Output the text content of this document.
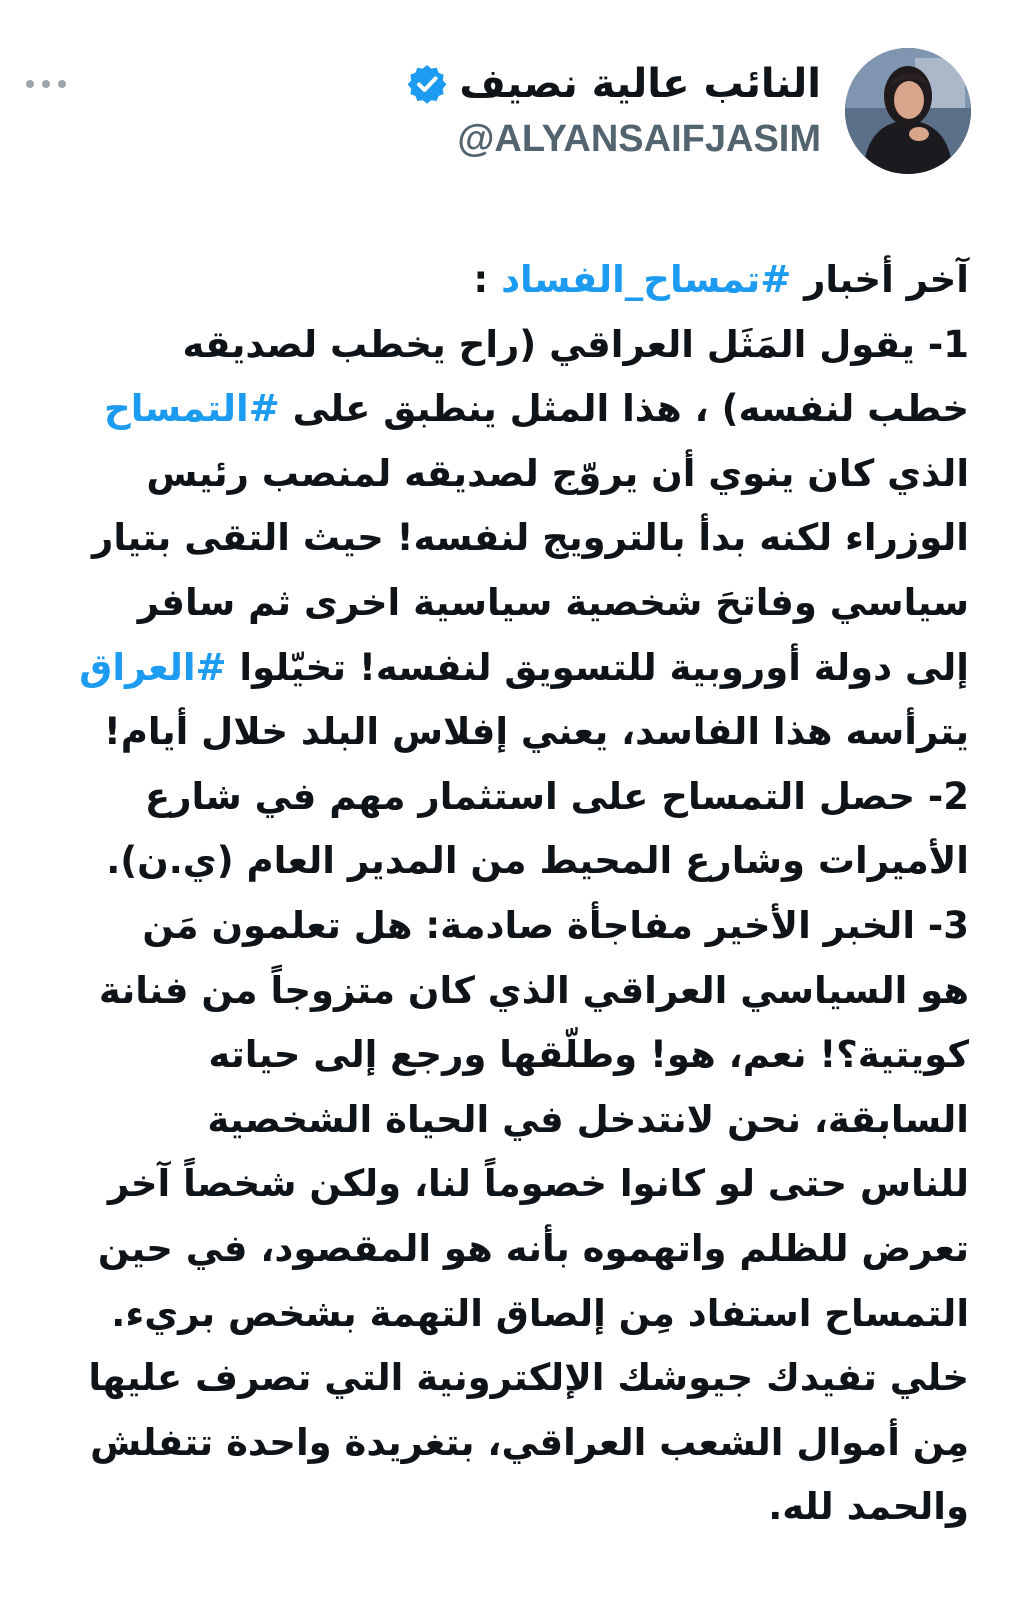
النائب عالية نصيف
@ALYANSAIFJASIM
آخر أخبار #تمساح_الفساد :
1- يقول المَثَل العراقي (راح يخطب لصديقه
خطب لنفسه) ، هذا المثل ينطبق على #التمساح
الذي كان ينوي أن يروّج لصديقه لمنصب رئيس
الوزراء لكنه بدأ بالترويج لنفسه! حيث التقى بتيار
سياسي وفاتحَ شخصية سياسية اخرى ثم سافر
إلى دولة أوروبية للتسويق لنفسه! تخيّلوا #العراق
يترأسه هذا الفاسد، يعني إفلاس البلد خلال أيام!
2- حصل التمساح على استثمار مهم في شارع
الأميرات وشارع المحيط من المدير العام (ي.ن).
3- الخبر الأخير مفاجأة صادمة: هل تعلمون مَن
هو السياسي العراقي الذي كان متزوجاً من فنانة
كويتية؟! نعم، هو! وطلّقها ورجع إلى حياته
السابقة، نحن لانتدخل في الحياة الشخصية
للناس حتى لو كانوا خصوماً لنا، ولكن شخصاً آخر
تعرض للظلم واتهموه بأنه هو المقصود، في حين
التمساح استفاد مِن إلصاق التهمة بشخص بريء.
خلي تفيدك جيوشك الإلكترونية التي تصرف عليها
مِن أموال الشعب العراقي، بتغريدة واحدة تتفلش
والحمد لله.
